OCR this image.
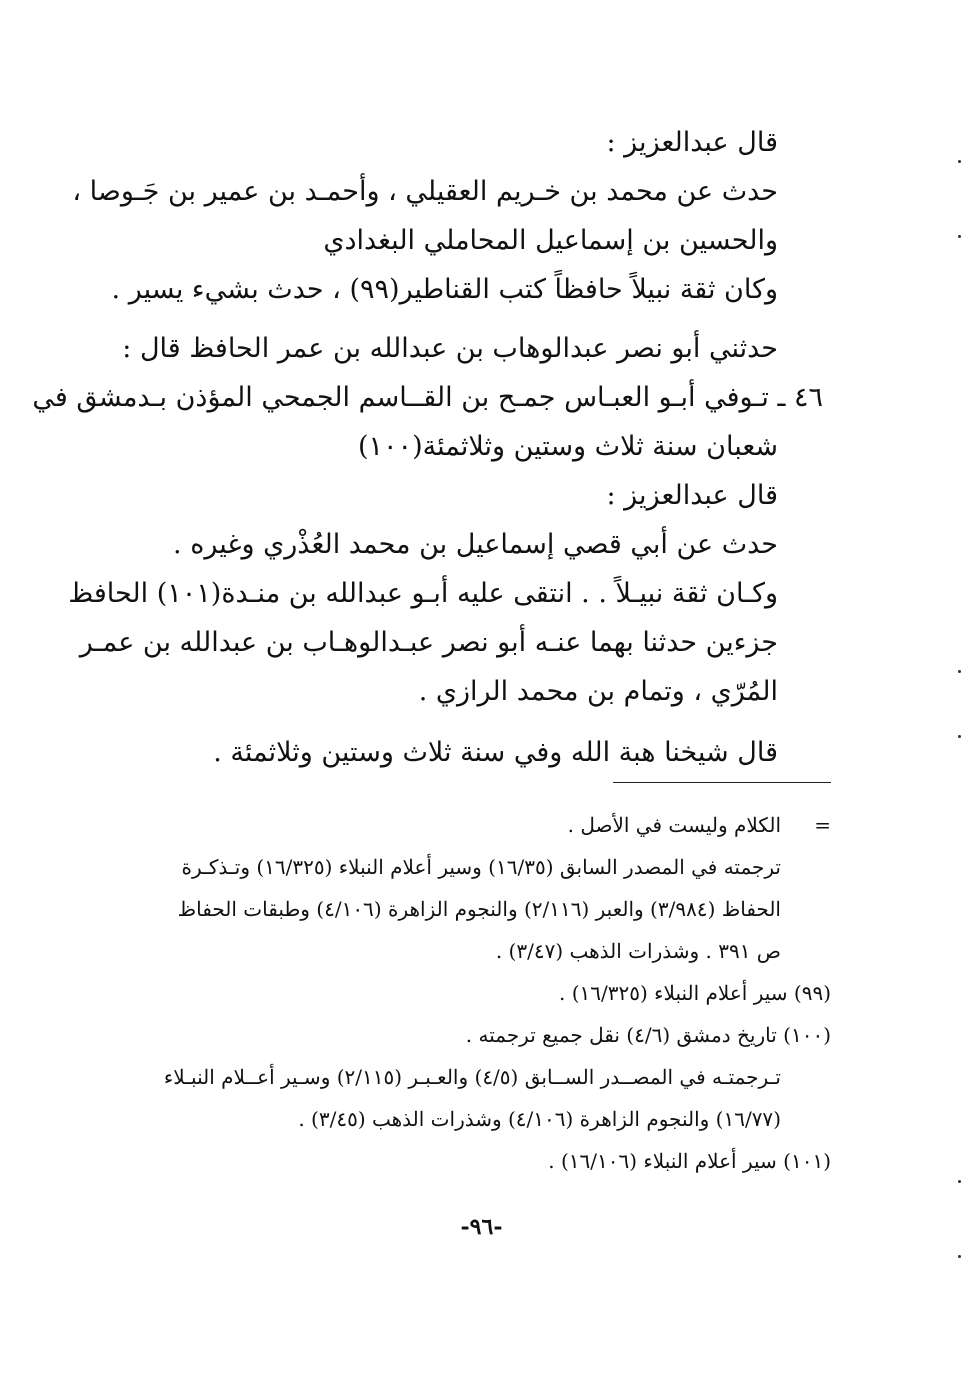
قال عبدالعزيز :
حدث عن محمد بن خـريم العقيلي ، وأحمـد بن عمير بن جَـوصا ،
والحسين بن إسماعيل المحاملي البغدادي
وكان ثقة نبيلاً حافظاً كتب القناطير(٩٩) ، حدث بشيء يسير .
حدثني أبو نصر عبدالوهاب بن عبدالله بن عمر الحافظ قال :
٤٦ ـ تـوفي أبـو العبـاس جمـح بن القــاسم الجمحي المؤذن بـدمشق في
شعبان سنة ثلاث وستين وثلاثمئة(١٠٠)
قال عبدالعزيز :
حدث عن أبي قصي إسماعيل بن محمد العُذْري وغيره .
وكـان ثقة نبيـلاً . . انتقى عليه أبـو عبدالله بن منـدة(١٠١) الحافظ
جزءين حدثنا بهما عنـه أبو نصر عبـدالوهـاب بن عبدالله بن عمـر
المُرّي ، وتمام بن محمد الرازي .
قال شيخنا هبة الله وفي سنة ثلاث وستين وثلاثمئة .
=الكلام وليست في الأصل .
ترجمته في المصدر السابق (١٦/٣٥) وسير أعلام النبلاء (١٦/٣٢٥) وتـذكـرة
الحفاظ (٣/٩٨٤) والعبر (٢/١١٦) والنجوم الزاهرة (٤/١٠٦) وطبقات الحفاظ
ص ٣٩١ . وشذرات الذهب (٣/٤٧) .
(٩٩) سير أعلام النبلاء (١٦/٣٢٥) .
(١٠٠) تاريخ دمشق (٤/٦) نقل جميع ترجمته .
تـرجمتـه في المصــدر الســابق (٤/٥) والعـبـر (٢/١١٥) وسـير أعــلام النبـلاء
(١٦/٧٧) والنجوم الزاهرة (٤/١٠٦) وشذرات الذهب (٣/٤٥) .
(١٠١) سير أعلام النبلاء (١٦/١٠٦) .
-٩٦-
